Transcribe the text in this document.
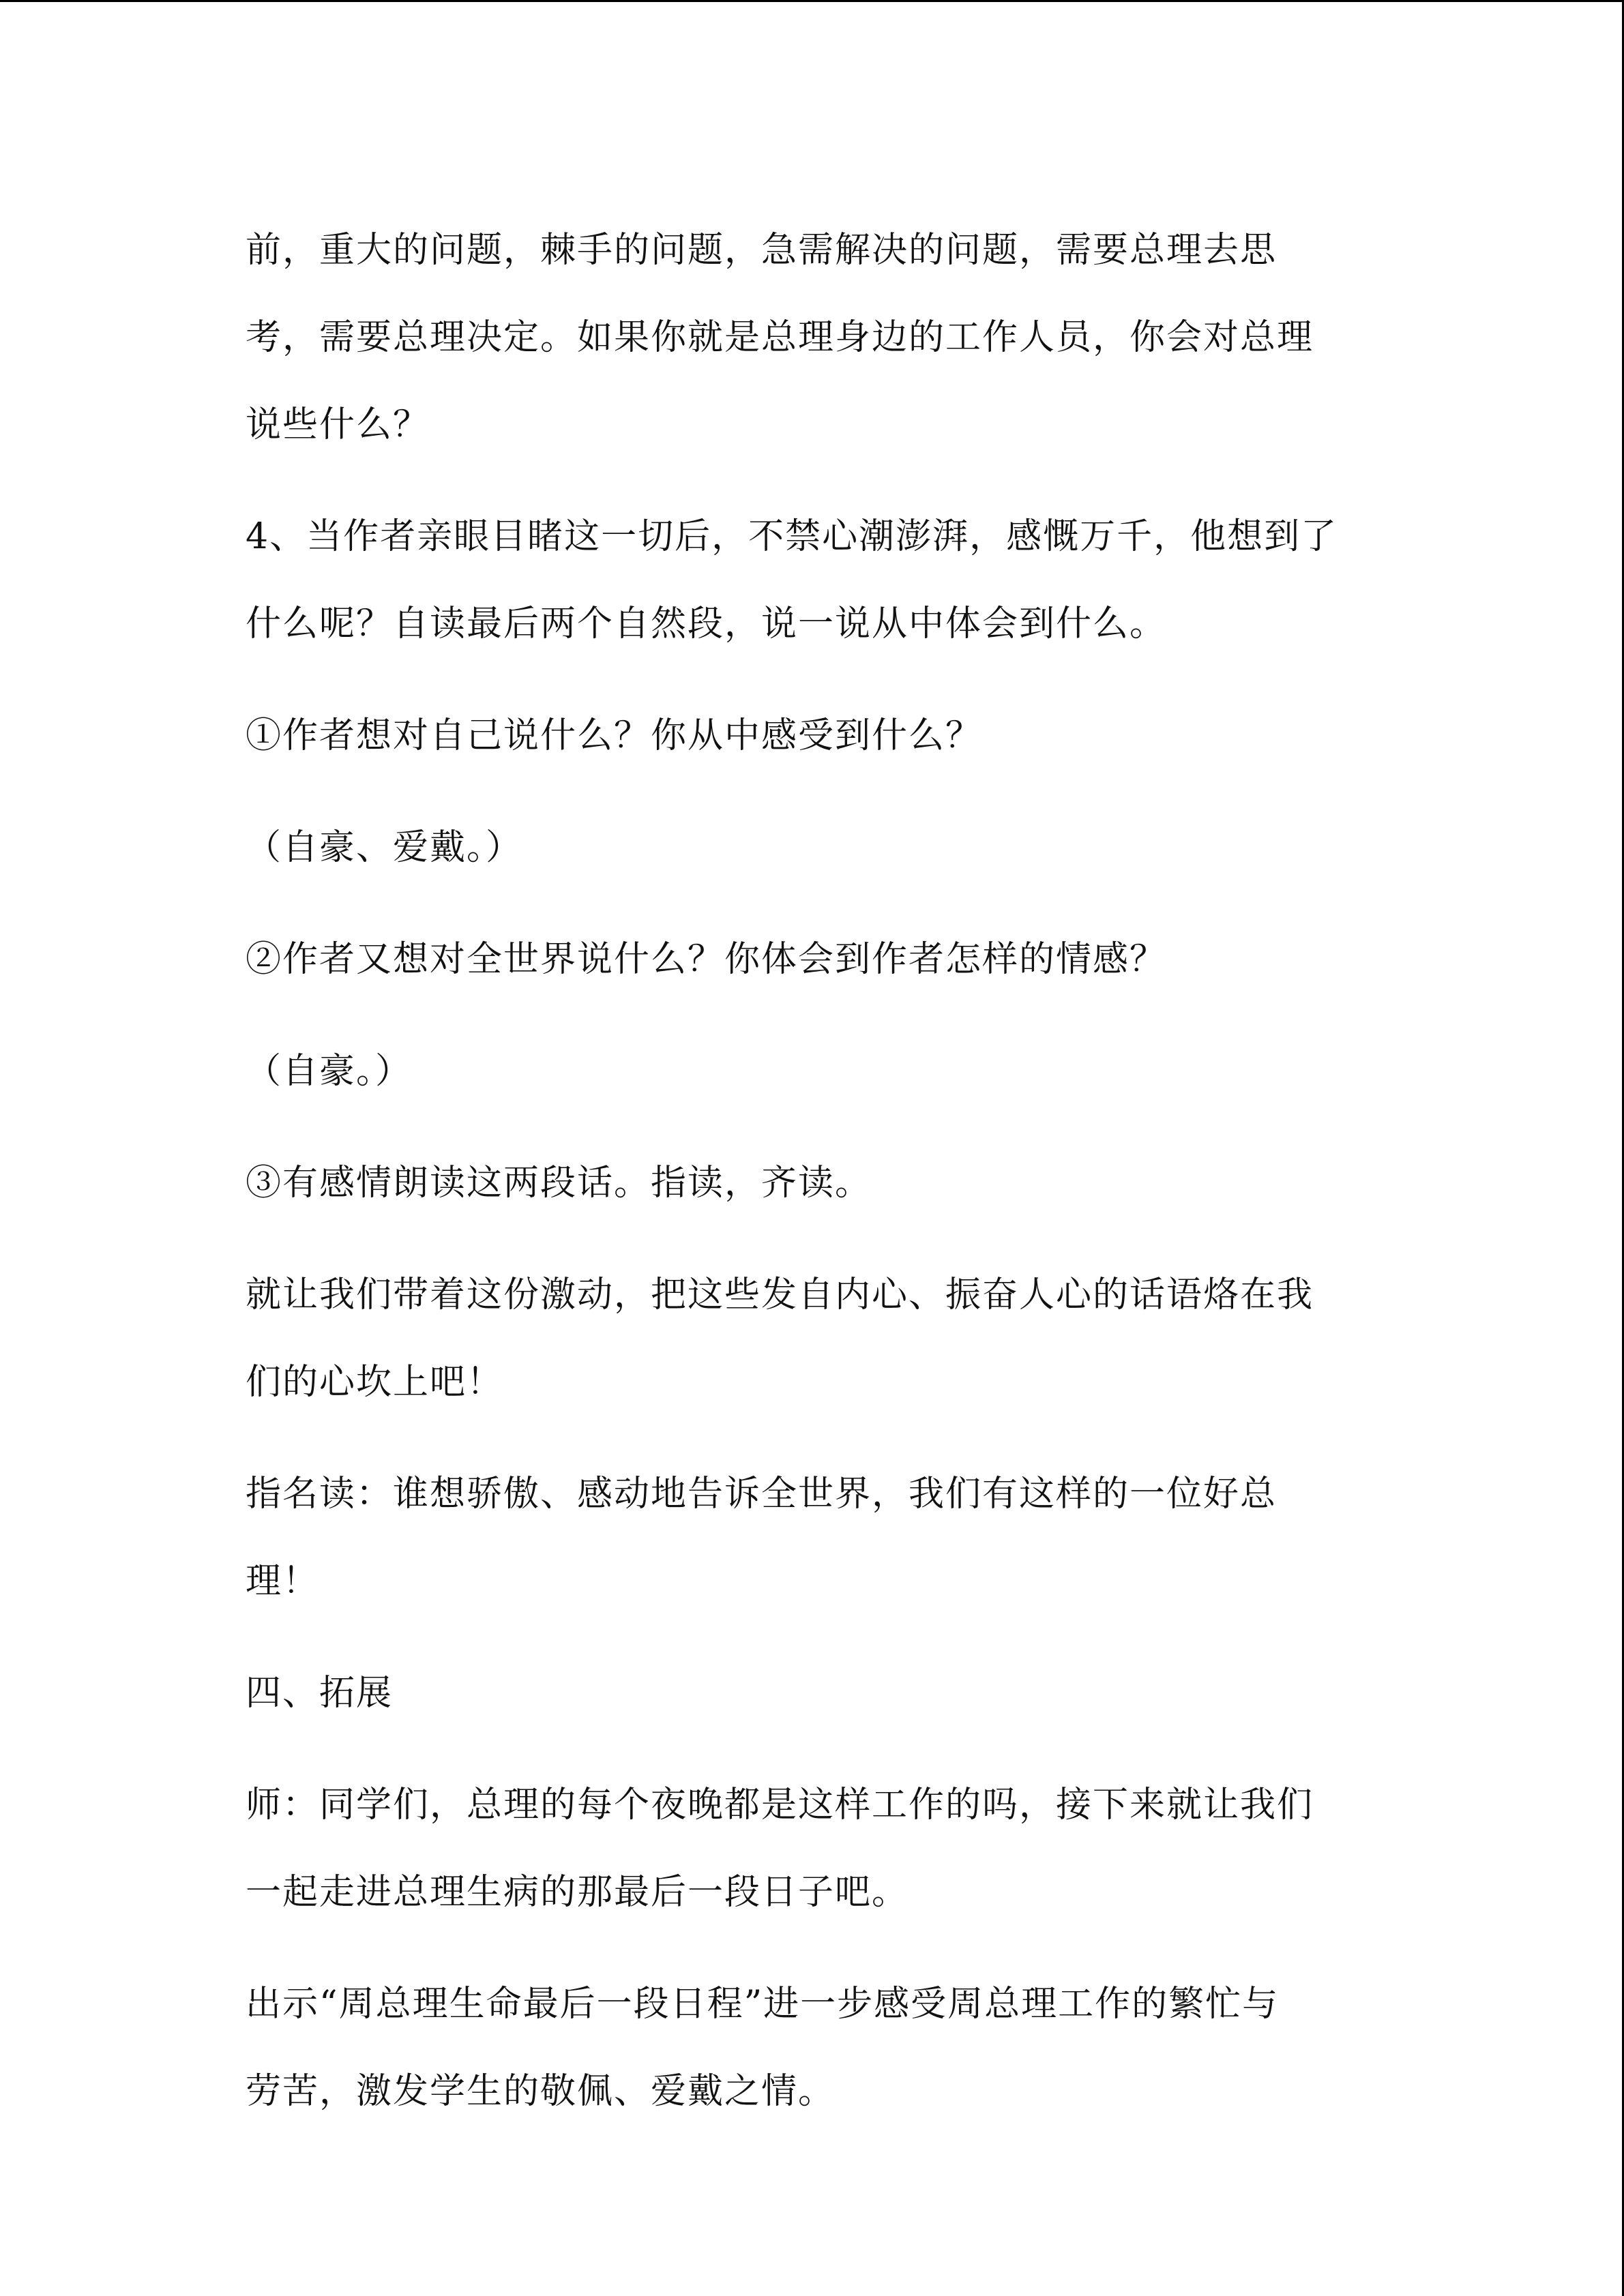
前，重大的问题，棘手的问题，急需解决的问题，需要总理去思
考，需要总理决定。如果你就是总理身边的工作人员，你会对总理
说些什么？

4、当作者亲眼目睹这一切后，不禁心潮澎湃，感慨万千，他想到了
什么呢？自读最后两个自然段，说一说从中体会到什么。

①作者想对自己说什么？你从中感受到什么？

（自豪、爱戴。）

②作者又想对全世界说什么？你体会到作者怎样的情感？

（自豪。）

③有感情朗读这两段话。指读，齐读。

就让我们带着这份激动，把这些发自内心、振奋人心的话语烙在我
们的心坎上吧！

指名读：谁想骄傲、感动地告诉全世界，我们有这样的一位好总
理！

四、拓展

师：同学们，总理的每个夜晚都是这样工作的吗，接下来就让我们
一起走进总理生病的那最后一段日子吧。

出示“周总理生命最后一段日程”进一步感受周总理工作的繁忙与
劳苦，激发学生的敬佩、爱戴之情。
